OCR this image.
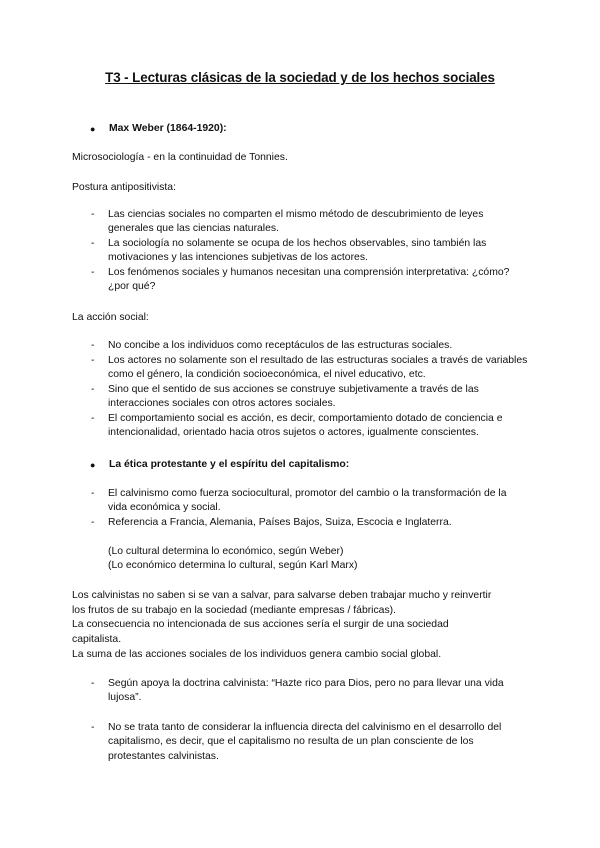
T3 - Lecturas clásicas de la sociedad y de los hechos sociales
● Max Weber (1864-1920):
Microsociología - en la continuidad de Tonnies.
Postura antipositivista:
- Las ciencias sociales no comparten el mismo método de descubrimiento de leyes generales que las ciencias naturales.
- La sociología no solamente se ocupa de los hechos observables, sino también las motivaciones y las intenciones subjetivas de los actores.
- Los fenómenos sociales y humanos necesitan una comprensión interpretativa: ¿cómo? ¿por qué?
La acción social:
- No concibe a los individuos como receptáculos de las estructuras sociales.
- Los actores no solamente son el resultado de las estructuras sociales a través de variables como el género, la condición socioeconómica, el nivel educativo, etc.
- Sino que el sentido de sus acciones se construye subjetivamente a través de las interacciones sociales con otros actores sociales.
- El comportamiento social es acción, es decir, comportamiento dotado de conciencia e intencionalidad, orientado hacia otros sujetos o actores, igualmente conscientes.
● La ética protestante y el espíritu del capitalismo:
- El calvinismo como fuerza sociocultural, promotor del cambio o la transformación de la vida económica y social.
- Referencia a Francia, Alemania, Países Bajos, Suiza, Escocia e Inglaterra.
(Lo cultural determina lo económico, según Weber)
(Lo económico determina lo cultural, según Karl Marx)
Los calvinistas no saben si se van a salvar, para salvarse deben trabajar mucho y reinvertir
los frutos de su trabajo en la sociedad (mediante empresas / fábricas).
La consecuencia no intencionada de sus acciones sería el surgir de una sociedad
capitalista.
La suma de las acciones sociales de los individuos genera cambio social global.
- Según apoya la doctrina calvinista: “Hazte rico para Dios, pero no para llevar una vida lujosa”.
- No se trata tanto de considerar la influencia directa del calvinismo en el desarrollo del capitalismo, es decir, que el capitalismo no resulta de un plan consciente de los protestantes calvinistas.
